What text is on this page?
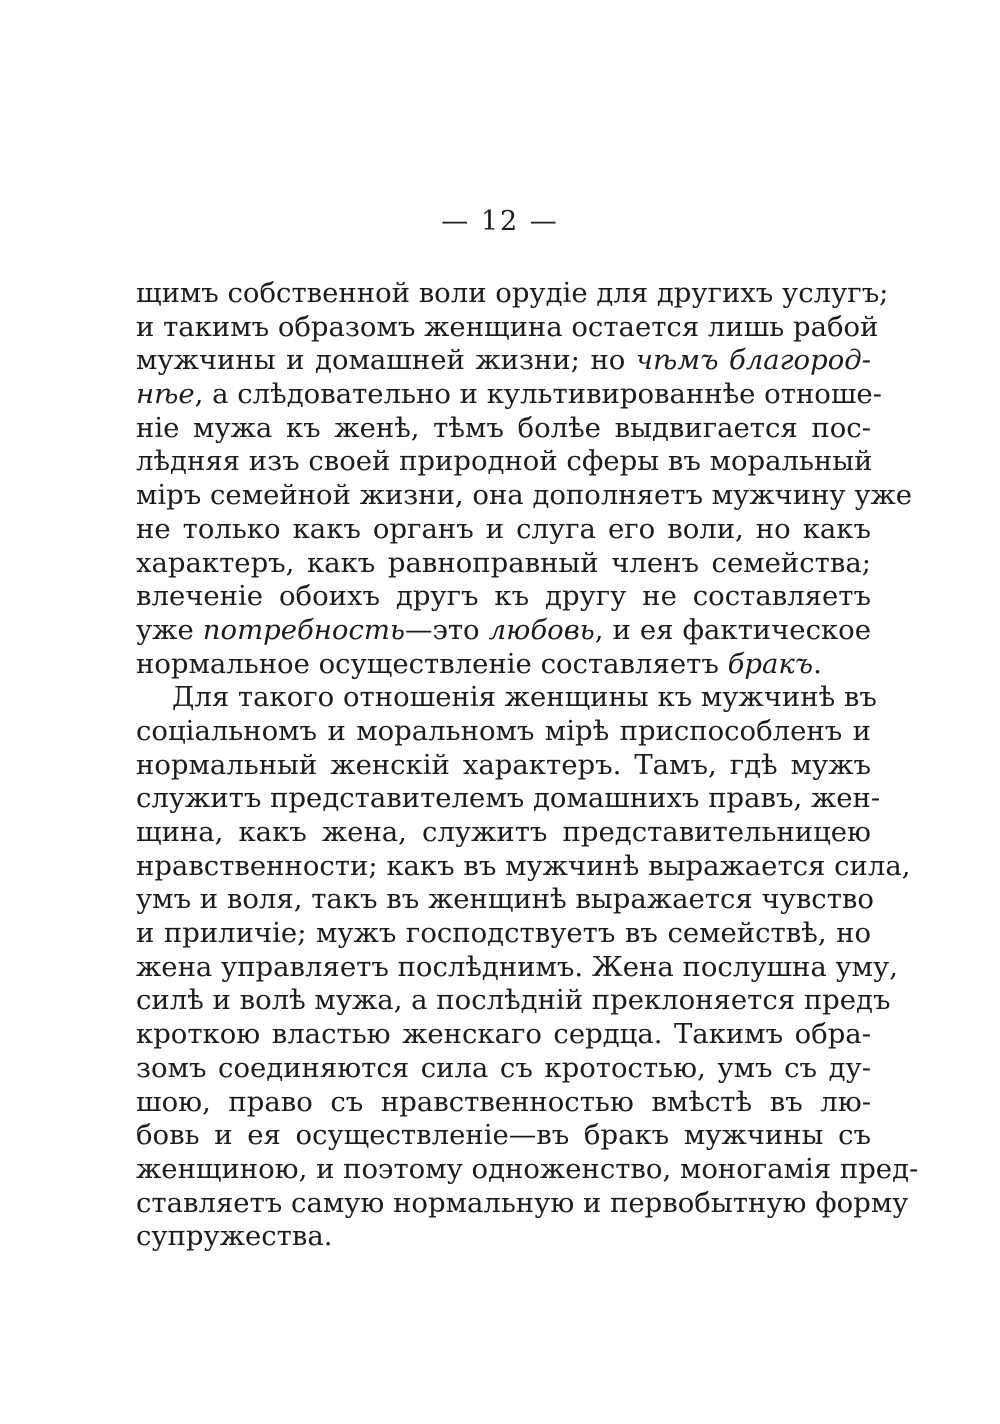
— 12 —
щимъ собственной воли орудіе для другихъ услугъ;
и такимъ образомъ женщина остается лишь рабой
мужчины и домашней жизни; но чѣмъ благород-
нѣе, а слѣдовательно и культивированнѣе отноше-
ніе мужа къ женѣ, тѣмъ болѣе выдвигается пос-
лѣдняя изъ своей природной сферы въ моральный
міръ семейной жизни, она дополняетъ мужчину уже
не только какъ органъ и слуга его воли, но какъ
характеръ, какъ равноправный членъ семейства;
влеченіе обоихъ другъ къ другу не составляетъ
уже потребность—это любовь, и ея фактическое
нормальное осуществленіе составляетъ бракъ.
Для такого отношенія женщины къ мужчинѣ въ
соціальномъ и моральномъ мірѣ приспособленъ и
нормальный женскій характеръ. Тамъ, гдѣ мужъ
служитъ представителемъ домашнихъ правъ, жен-
щина, какъ жена, служитъ представительницею
нравственности; какъ въ мужчинѣ выражается сила,
умъ и воля, такъ въ женщинѣ выражается чувство
и приличіе; мужъ господствуетъ въ семействѣ, но
жена управляетъ послѣднимъ. Жена послушна уму,
силѣ и волѣ мужа, а послѣдній преклоняется предъ
кроткою властью женскаго сердца. Такимъ обра-
зомъ соединяются сила съ кротостью, умъ съ ду-
шою, право съ нравственностью вмѣстѣ въ лю-
бовь и ея осуществленіе—въ бракъ мужчины съ
женщиною, и поэтому одноженство, моногамія пред-
ставляетъ самую нормальную и первобытную форму
супружества.
